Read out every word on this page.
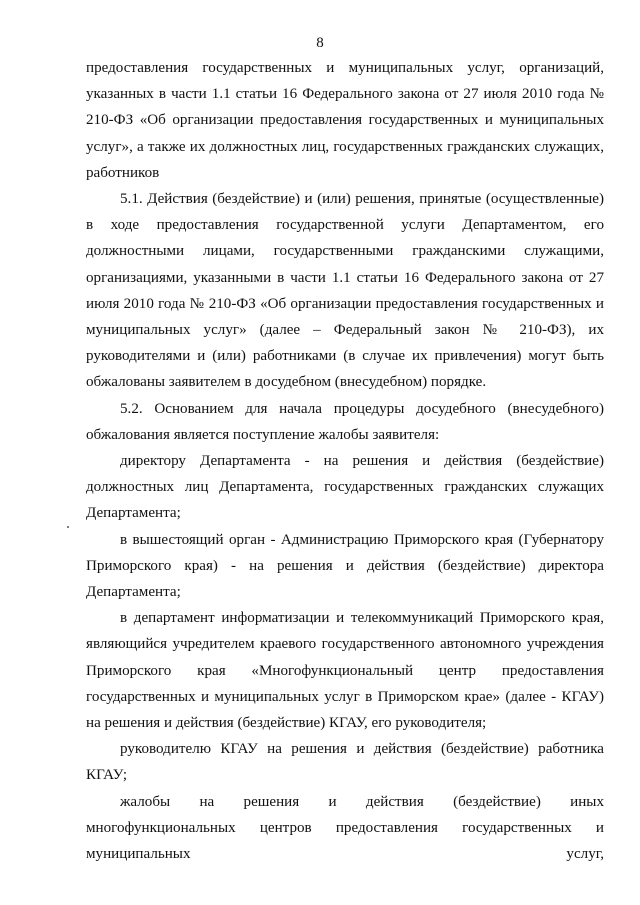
8

предоставления государственных и муниципальных услуг, организаций, указанных в части 1.1 статьи 16 Федерального закона от 27 июля 2010 года № 210-ФЗ «Об организации предоставления государственных и муниципальных услуг», а также их должностных лиц, государственных гражданских служащих, работников

5.1. Действия (бездействие) и (или) решения, принятые (осуществленные) в ходе предоставления государственной услуги Департаментом, его должностными лицами, государственными гражданскими служащими, организациями, указанными в части 1.1 статьи 16 Федерального закона от 27 июля 2010 года № 210-ФЗ «Об организации предоставления государственных и муниципальных услуг» (далее – Федеральный закон № 210-ФЗ), их руководителями и (или) работниками (в случае их привлечения) могут быть обжалованы заявителем в досудебном (внесудебном) порядке.

5.2. Основанием для начала процедуры досудебного (внесудебного) обжалования является поступление жалобы заявителя:

директору Департамента - на решения и действия (бездействие) должностных лиц Департамента, государственных гражданских служащих Департамента;

в вышестоящий орган - Администрацию Приморского края (Губернатору Приморского края) - на решения и действия (бездействие) директора Департамента;

в департамент информатизации и телекоммуникаций Приморского края, являющийся учредителем краевого государственного автономного учреждения Приморского края «Многофункциональный центр предоставления государственных и муниципальных услуг в Приморском крае» (далее - КГАУ) на решения и действия (бездействие) КГАУ, его руководителя;

руководителю КГАУ на решения и действия (бездействие) работника КГАУ;

жалобы на решения и действия (бездействие) иных многофункциональных центров предоставления государственных и муниципальных услуг,
